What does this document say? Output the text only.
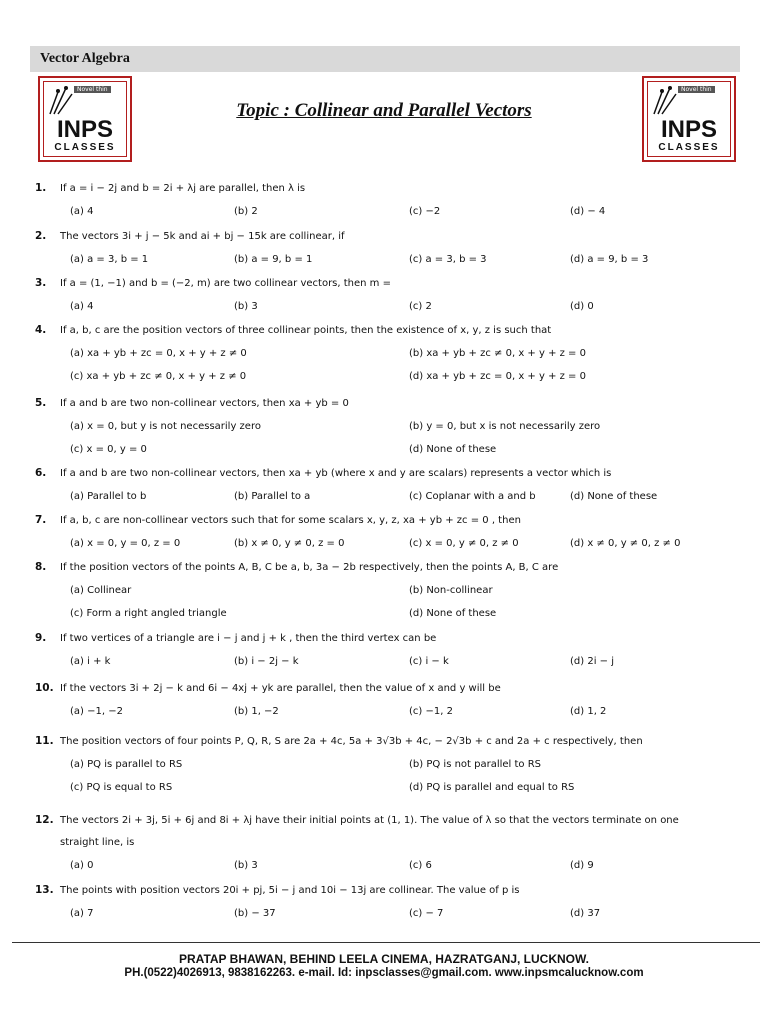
Vector Algebra
Novel thin
INPS
CLASSES
Novel thin
INPS
CLASSES
Topic : Collinear and Parallel Vectors
1. If a = i − 2j and b = 2i + λj are parallel, then λ is
(a) 4	(b) 2	(c) −2	(d) − 4
2. The vectors 3i + j − 5k and ai + bj − 15k are collinear, if
(a) a = 3, b = 1	(b) a = 9, b = 1	(c) a = 3, b = 3	(d) a = 9, b = 3
3. If a = (1, −1) and b = (−2, m) are two collinear vectors, then m =
(a) 4	(b) 3	(c) 2	(d) 0
4. If a, b, c are the position vectors of three collinear points, then the existence of x, y, z is such that
(a) xa + yb + zc = 0, x + y + z ≠ 0	(b) xa + yb + zc ≠ 0, x + y + z = 0
(c) xa + yb + zc ≠ 0, x + y + z ≠ 0	(d) xa + yb + zc = 0, x + y + z = 0
5. If a and b are two non-collinear vectors, then xa + yb = 0
(a) x = 0, but y is not necessarily zero	(b) y = 0, but x is not necessarily zero
(c) x = 0, y = 0	(d) None of these
6. If a and b are two non-collinear vectors, then xa + yb (where x and y are scalars) represents a vector which is
(a) Parallel to b	(b) Parallel to a	(c) Coplanar with a and b	(d) None of these
7. If a, b, c are non-collinear vectors such that for some scalars x, y, z, xa + yb + zc = 0 , then
(a) x = 0, y = 0, z = 0	(b) x ≠ 0, y ≠ 0, z = 0	(c) x = 0, y ≠ 0, z ≠ 0	(d) x ≠ 0, y ≠ 0, z ≠ 0
8. If the position vectors of the points A, B, C be a, b, 3a − 2b respectively, then the points A, B, C are
(a) Collinear	(b) Non-collinear
(c) Form a right angled triangle	(d) None of these
9. If two vertices of a triangle are i − j and j + k , then the third vertex can be
(a) i + k	(b) i − 2j − k	(c) i − k	(d) 2i − j
10. If the vectors 3i + 2j − k and 6i − 4xj + yk are parallel, then the value of x and y will be
(a) −1, −2	(b) 1, −2	(c) −1, 2	(d) 1, 2
11. The position vectors of four points P, Q, R, S are 2a + 4c, 5a + 3√3b + 4c, − 2√3b + c and 2a + c respectively, then
(a) PQ is parallel to RS	(b) PQ is not parallel to RS
(c) PQ is equal to RS	(d) PQ is parallel and equal to RS
12. The vectors 2i + 3j, 5i + 6j and 8i + λj have their initial points at (1, 1). The value of λ so that the vectors terminate on one
straight line, is
(a) 0	(b) 3	(c) 6	(d) 9
13. The points with position vectors 20i + pj, 5i − j and 10i − 13j are collinear. The value of p is
(a) 7	(b) − 37	(c) − 7	(d) 37
PRATAP BHAWAN, BEHIND LEELA CINEMA, HAZRATGANJ, LUCKNOW.
PH.(0522)4026913, 9838162263. e-mail. Id: inpsclasses@gmail.com. www.inpsmcalucknow.com
